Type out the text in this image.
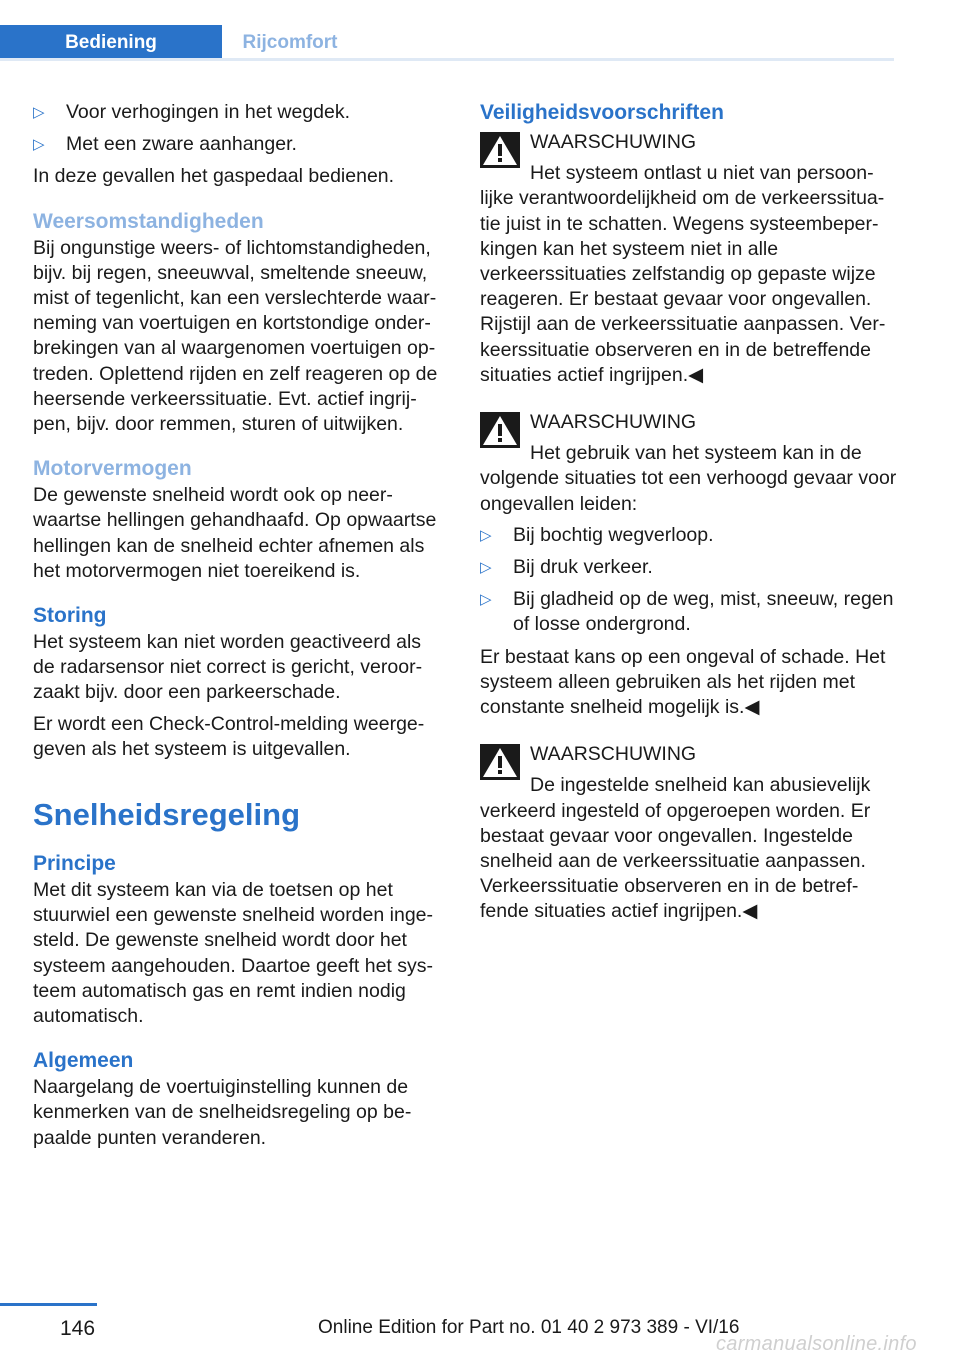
Bediening	Rijcomfort
▷ Voor verhogingen in het wegdek.
▷ Met een zware aanhanger.

In deze gevallen het gaspedaal bedienen.

Weersomstandigheden

Bij ongunstige weers- of lichtomstandigheden, bijv. bij regen, sneeuwval, smeltende sneeuw, mist of tegenlicht, kan een verslechterde waarneming van voertuigen en kortstondige onderbrekingen van al waargenomen voertuigen optreden. Oplettend rijden en zelf reageren op de heersende verkeerssituatie. Evt. actief ingrijpen, bijv. door remmen, sturen of uitwijken.

Motorvermogen

De gewenste snelheid wordt ook op neerwaartse hellingen gehandhaafd. Op opwaartse hellingen kan de snelheid echter afnemen als het motorvermogen niet toereikend is.

Storing

Het systeem kan niet worden geactiveerd als de radarsensor niet correct is gericht, veroorzaakt bijv. door een parkeerschade.

Er wordt een Check-Control-melding weergegeven als het systeem is uitgevallen.

Snelheidsregeling
Principe

Met dit systeem kan via de toetsen op het stuurwiel een gewenste snelheid worden ingesteld. De gewenste snelheid wordt door het systeem aangehouden. Daartoe geeft het systeem automatisch gas en remt indien nodig automatisch.

Algemeen

Naargelang de voertuiginstelling kunnen de kenmerken van de snelheidsregeling op bepaalde punten veranderen.

Veiligheidsvoorschriften
WAARSCHUWING

Het systeem ontlast u niet van persoonlijke verantwoordelijkheid om de verkeerssituatie juist in te schatten. Wegens systeembeperkingen kan het systeem niet in alle verkeerssituaties zelfstandig op gepaste wijze reageren. Er bestaat gevaar voor ongevallen. Rijstijl aan de verkeerssituatie aanpassen. Verkeerssituatie observeren en in de betreffende situaties actief ingrijpen.◀

WAARSCHUWING

Het gebruik van het systeem kan in de volgende situaties tot een verhoogd gevaar voor ongevallen leiden:

▷ Bij bochtig wegverloop.
▷ Bij druk verkeer.
▷ Bij gladheid op de weg, mist, sneeuw, regen of losse ondergrond.

Er bestaat kans op een ongeval of schade. Het systeem alleen gebruiken als het rijden met constante snelheid mogelijk is.◀

WAARSCHUWING

De ingestelde snelheid kan abusievelijk verkeerd ingesteld of opgeroepen worden. Er bestaat gevaar voor ongevallen. Ingestelde snelheid aan de verkeerssituatie aanpassen. Verkeerssituatie observeren en in de betreffende situaties actief ingrijpen.◀

146	Online Edition for Part no. 01 40 2 973 389 - VI/16
carmanualsonline.info
